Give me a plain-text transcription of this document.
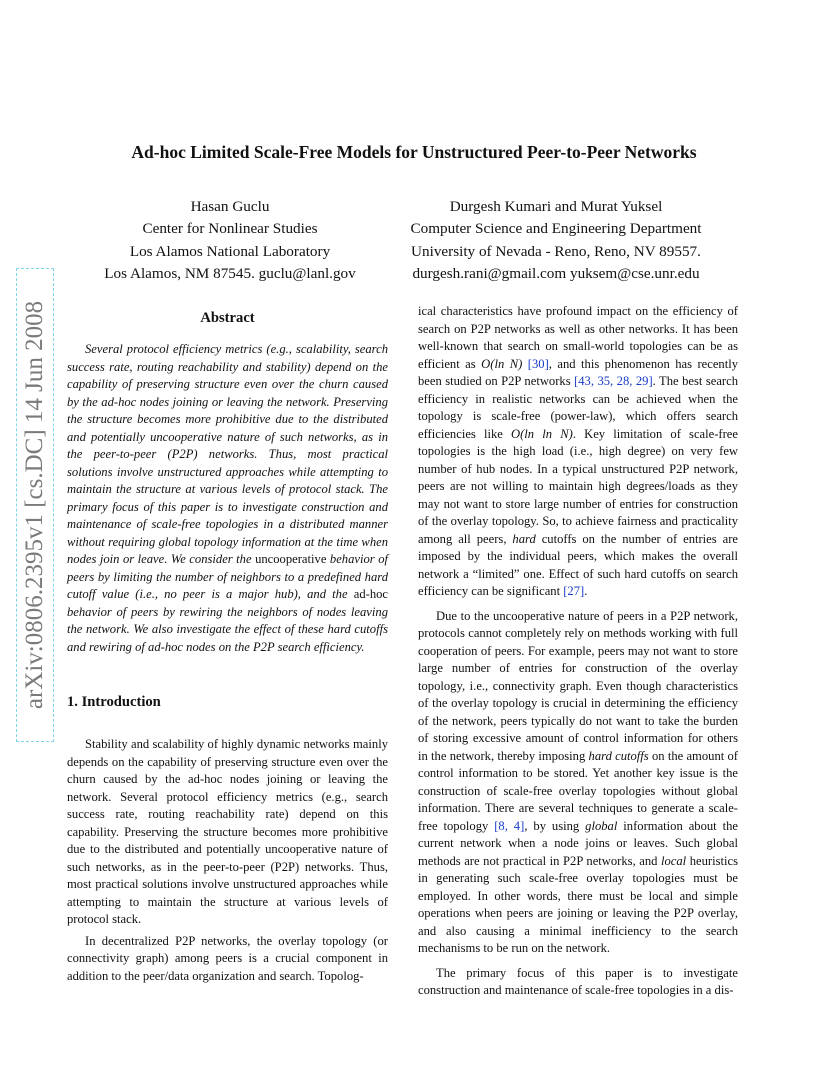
Ad-hoc Limited Scale-Free Models for Unstructured Peer-to-Peer Networks
Hasan Guclu
Center for Nonlinear Studies
Los Alamos National Laboratory
Los Alamos, NM 87545. guclu@lanl.gov
Durgesh Kumari and Murat Yuksel
Computer Science and Engineering Department
University of Nevada - Reno, Reno, NV 89557.
durgesh.rani@gmail.com yuksem@cse.unr.edu
arXiv:0806.2395v1 [cs.DC] 14 Jun 2008	Abstract

Several protocol efficiency metrics (e.g., scalability, search success rate, routing reachability and stability) depend on the capability of preserving structure even over the churn caused by the ad-hoc nodes joining or leaving the network. Preserving the structure becomes more prohibitive due to the distributed and potentially uncooperative nature of such networks, as in the peer-to-peer (P2P) networks. Thus, most practical solutions involve unstructured approaches while attempting to maintain the structure at various levels of protocol stack. The primary focus of this paper is to investigate construction and maintenance of scale-free topologies in a distributed manner without requiring global topology information at the time when nodes join or leave. We consider the uncooperative behavior of peers by limiting the number of neighbors to a predefined hard cutoff value (i.e., no peer is a major hub), and the ad-hoc behavior of peers by rewiring the neighbors of nodes leaving the network. We also investigate the effect of these hard cutoffs and rewiring of ad-hoc nodes on the P2P search efficiency.

1. Introduction

Stability and scalability of highly dynamic networks mainly depends on the capability of preserving structure even over the churn caused by the ad-hoc nodes joining or leaving the network. Several protocol efficiency metrics (e.g., search success rate, routing reachability rate) depend on this capability. Preserving the structure becomes more prohibitive due to the distributed and potentially uncooperative nature of such networks, as in the peer-to-peer (P2P) networks. Thus, most practical solutions involve unstructured approaches while attempting to maintain the structure at various levels of protocol stack.

In decentralized P2P networks, the overlay topology (or connectivity graph) among peers is a crucial component in addition to the peer/data organization and search. Topolog-

ical characteristics have profound impact on the efficiency of search on P2P networks as well as other networks. It has been well-known that search on small-world topologies can be as efficient as O(ln N) [30], and this phenomenon has recently been studied on P2P networks [43, 35, 28, 29]. The best search efficiency in realistic networks can be achieved when the topology is scale-free (power-law), which offers search efficiencies like O(ln ln N). Key limitation of scale-free topologies is the high load (i.e., high degree) on very few number of hub nodes. In a typical unstructured P2P network, peers are not willing to maintain high degrees/loads as they may not want to store large number of entries for construction of the overlay topology. So, to achieve fairness and practicality among all peers, hard cutoffs on the number of entries are imposed by the individual peers, which makes the overall network a “limited” one. Effect of such hard cutoffs on search efficiency can be significant [27].

Due to the uncooperative nature of peers in a P2P network, protocols cannot completely rely on methods working with full cooperation of peers. For example, peers may not want to store large number of entries for construction of the overlay topology, i.e., connectivity graph. Even though characteristics of the overlay topology is crucial in determining the efficiency of the network, peers typically do not want to take the burden of storing excessive amount of control information for others in the network, thereby imposing hard cutoffs on the amount of control information to be stored. Yet another key issue is the construction of scale-free overlay topologies without global information. There are several techniques to generate a scale-free topology [8, 4], by using global information about the current network when a node joins or leaves. Such global methods are not practical in P2P networks, and local heuristics in generating such scale-free overlay topologies must be employed. In other words, there must be local and simple operations when peers are joining or leaving the P2P overlay, and also causing a minimal inefficiency to the search mechanisms to be run on the network.

The primary focus of this paper is to investigate construction and maintenance of scale-free topologies in a dis-
